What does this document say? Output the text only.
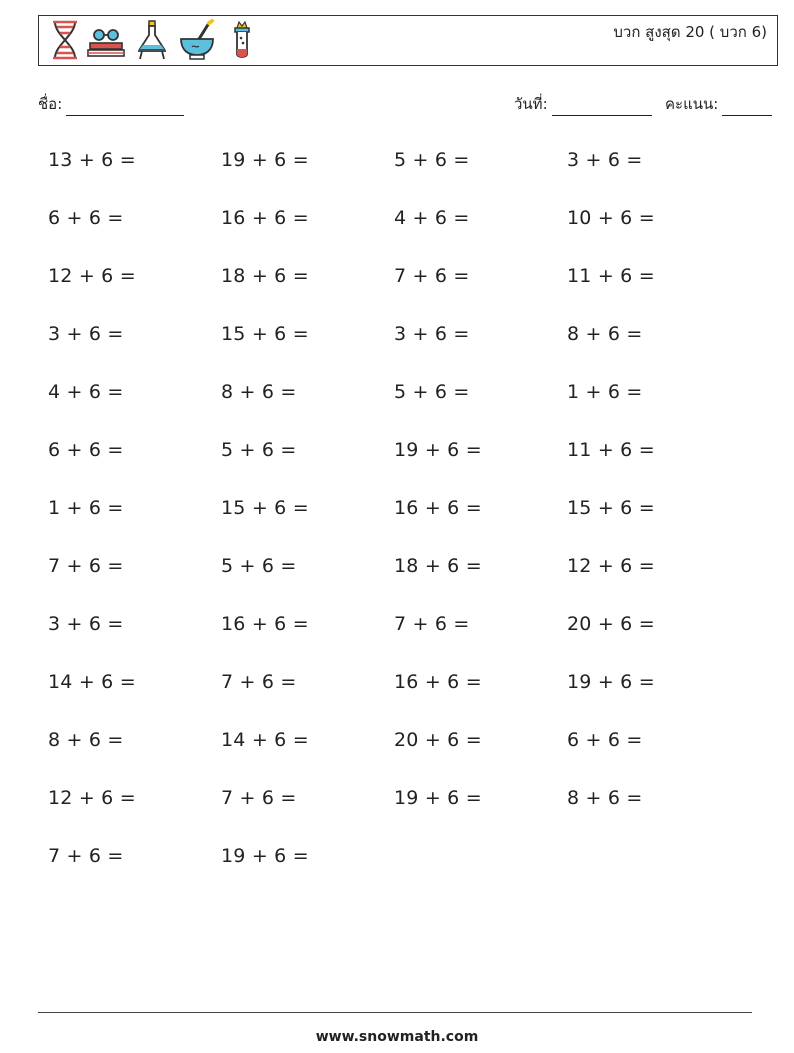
บวก สูงสุด 20 ( บวก 6)
ชื่อ:	วันที่:	คะแนน:
13 + 6 =	19 + 6 =	5 + 6 =	3 + 6 =
6 + 6 =	16 + 6 =	4 + 6 =	10 + 6 =
12 + 6 =	18 + 6 =	7 + 6 =	11 + 6 =
3 + 6 =	15 + 6 =	3 + 6 =	8 + 6 =
4 + 6 =	8 + 6 =	5 + 6 =	1 + 6 =
6 + 6 =	5 + 6 =	19 + 6 =	11 + 6 =
1 + 6 =	15 + 6 =	16 + 6 =	15 + 6 =
7 + 6 =	5 + 6 =	18 + 6 =	12 + 6 =
3 + 6 =	16 + 6 =	7 + 6 =	20 + 6 =
14 + 6 =	7 + 6 =	16 + 6 =	19 + 6 =
8 + 6 =	14 + 6 =	20 + 6 =	6 + 6 =
12 + 6 =	7 + 6 =	19 + 6 =	8 + 6 =
7 + 6 =	19 + 6 =
www.snowmath.com
